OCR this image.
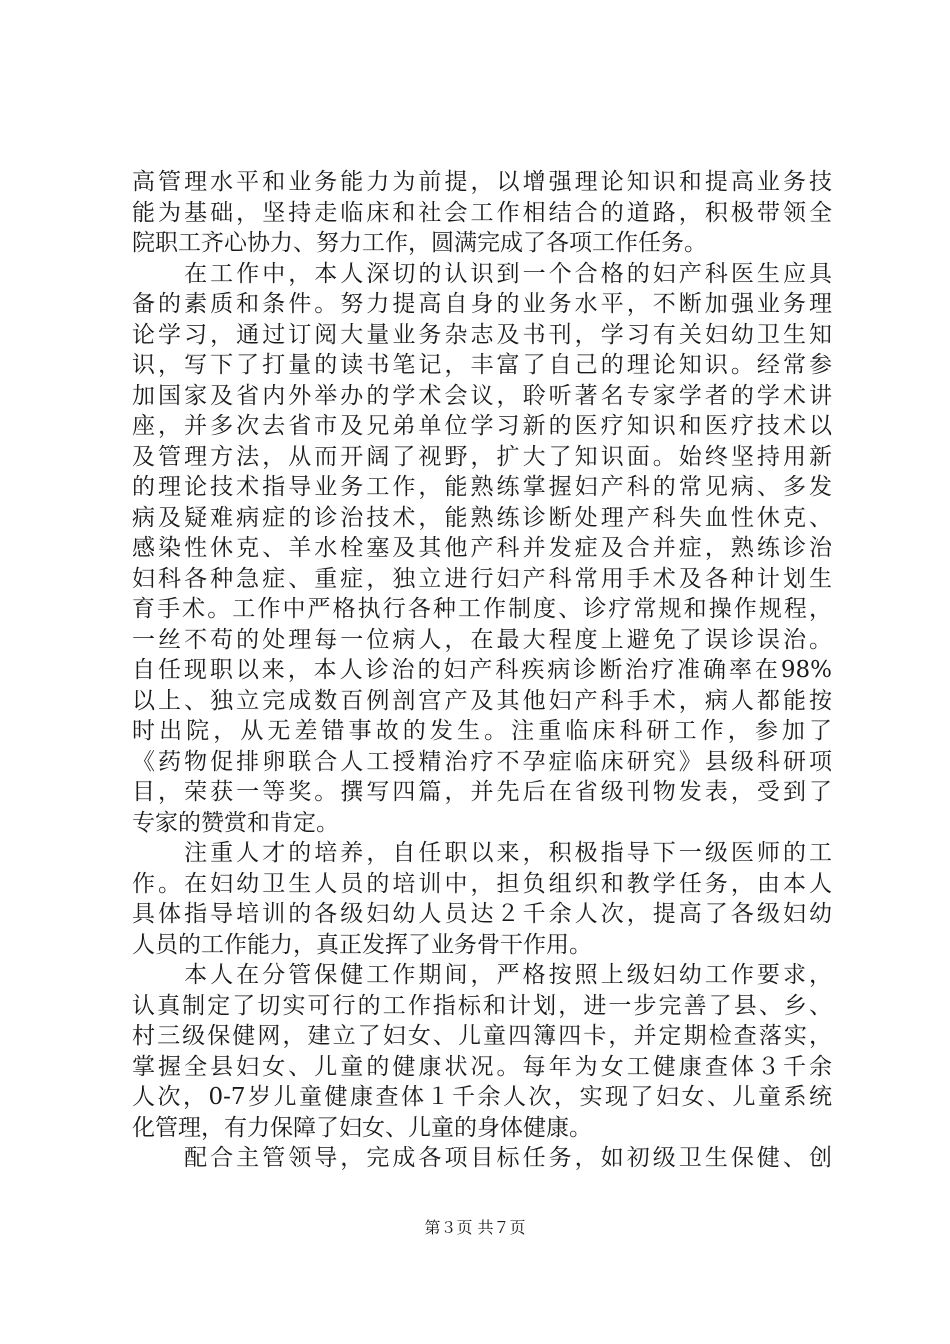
高管理水平和业务能力为前提，以增强理论知识和提高业务技
能为基础，坚持走临床和社会工作相结合的道路，积极带领全
院职工齐心协力、努力工作，圆满完成了各项工作任务。
　　在工作中，本人深切的认识到一个合格的妇产科医生应具
备的素质和条件。努力提高自身的业务水平，不断加强业务理
论学习，通过订阅大量业务杂志及书刊，学习有关妇幼卫生知
识，写下了打量的读书笔记，丰富了自己的理论知识。经常参
加国家及省内外举办的学术会议，聆听著名专家学者的学术讲
座，并多次去省市及兄弟单位学习新的医疗知识和医疗技术以
及管理方法，从而开阔了视野，扩大了知识面。始终坚持用新
的理论技术指导业务工作，能熟练掌握妇产科的常见病、多发
病及疑难病症的诊治技术，能熟练诊断处理产科失血性休克、
感染性休克、羊水栓塞及其他产科并发症及合并症，熟练诊治
妇科各种急症、重症，独立进行妇产科常用手术及各种计划生
育手术。工作中严格执行各种工作制度、诊疗常规和操作规程，
一丝不苟的处理每一位病人，在最大程度上避免了误诊误治。
自任现职以来，本人诊治的妇产科疾病诊断治疗准确率在98%
以上、独立完成数百例剖宫产及其他妇产科手术，病人都能按
时出院，从无差错事故的发生。注重临床科研工作，参加了
《药物促排卵联合人工授精治疗不孕症临床研究》县级科研项
目，荣获一等奖。撰写四篇，并先后在省级刊物发表，受到了
专家的赞赏和肯定。
　　注重人才的培养，自任职以来，积极指导下一级医师的工
作。在妇幼卫生人员的培训中，担负组织和教学任务，由本人
具体指导培训的各级妇幼人员达２千余人次，提高了各级妇幼
人员的工作能力，真正发挥了业务骨干作用。
　　本人在分管保健工作期间，严格按照上级妇幼工作要求，
认真制定了切实可行的工作指标和计划，进一步完善了县、乡、
村三级保健网，建立了妇女、儿童四簿四卡，并定期检查落实，
掌握全县妇女、儿童的健康状况。每年为女工健康查体３千余
人次，0-7岁儿童健康查体１千余人次，实现了妇女、儿童系统
化管理，有力保障了妇女、儿童的身体健康。
　　配合主管领导，完成各项目标任务，如初级卫生保健、创
第３页 共７页
